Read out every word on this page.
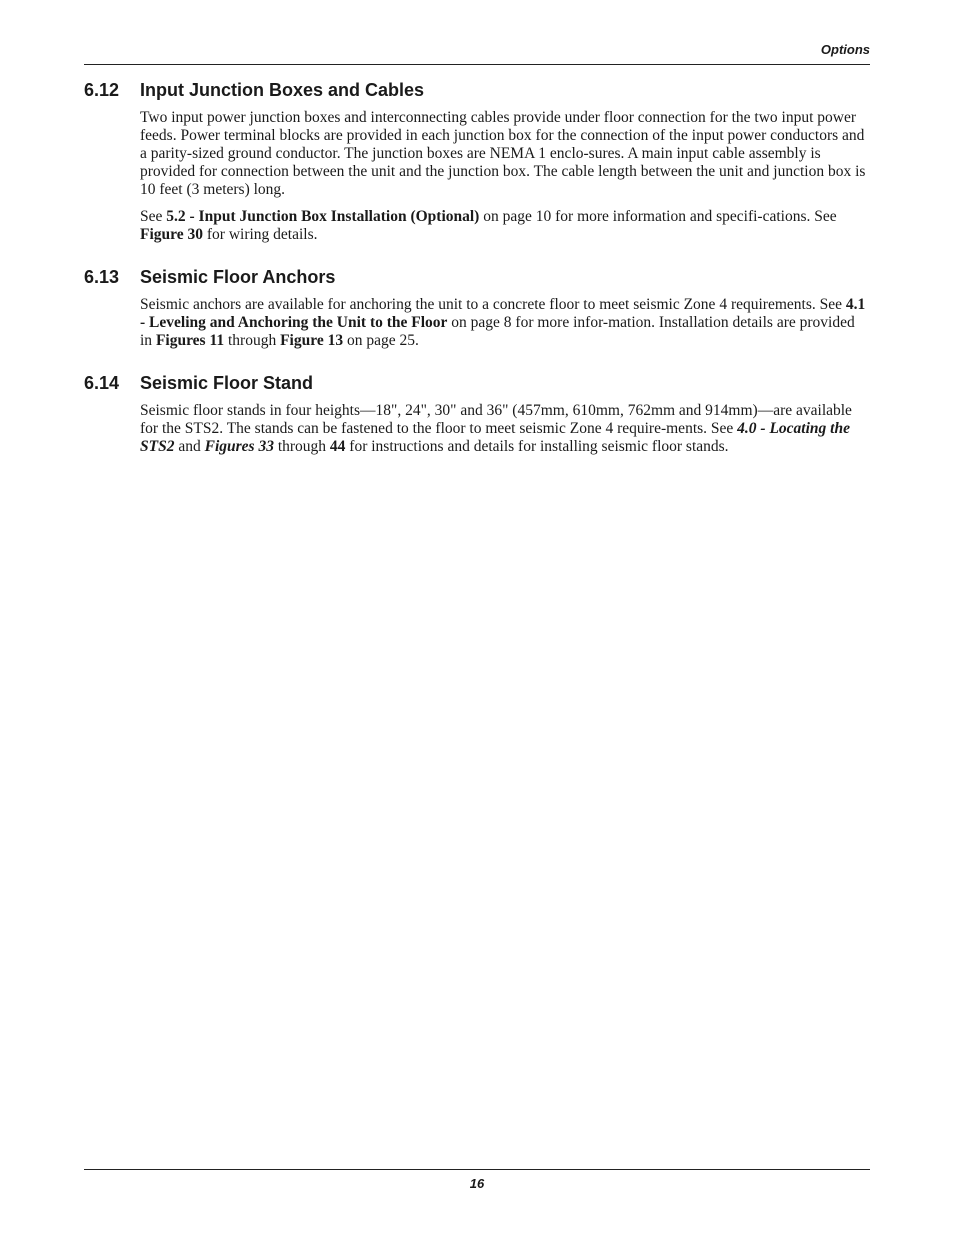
Options
6.12	Input Junction Boxes and Cables

Two input power junction boxes and interconnecting cables provide under floor connection for the two input power feeds. Power terminal blocks are provided in each junction box for the connection of the input power conductors and a parity-sized ground conductor. The junction boxes are NEMA 1 enclo-sures. A main input cable assembly is provided for connection between the unit and the junction box. The cable length between the unit and junction box is 10 feet (3 meters) long.

See 5.2 - Input Junction Box Installation (Optional) on page 10 for more information and specifi-cations. See Figure 30 for wiring details.

6.13	Seismic Floor Anchors

Seismic anchors are available for anchoring the unit to a concrete floor to meet seismic Zone 4 requirements. See 4.1 - Leveling and Anchoring the Unit to the Floor on page 8 for more infor-mation. Installation details are provided in Figures 11 through Figure 13 on page 25.

6.14	Seismic Floor Stand

Seismic floor stands in four heights—18", 24", 30" and 36" (457mm, 610mm, 762mm and 914mm)—are available for the STS2. The stands can be fastened to the floor to meet seismic Zone 4 require-ments. See 4.0 - Locating the STS2 and Figures 33 through 44 for instructions and details for installing seismic floor stands.

16
